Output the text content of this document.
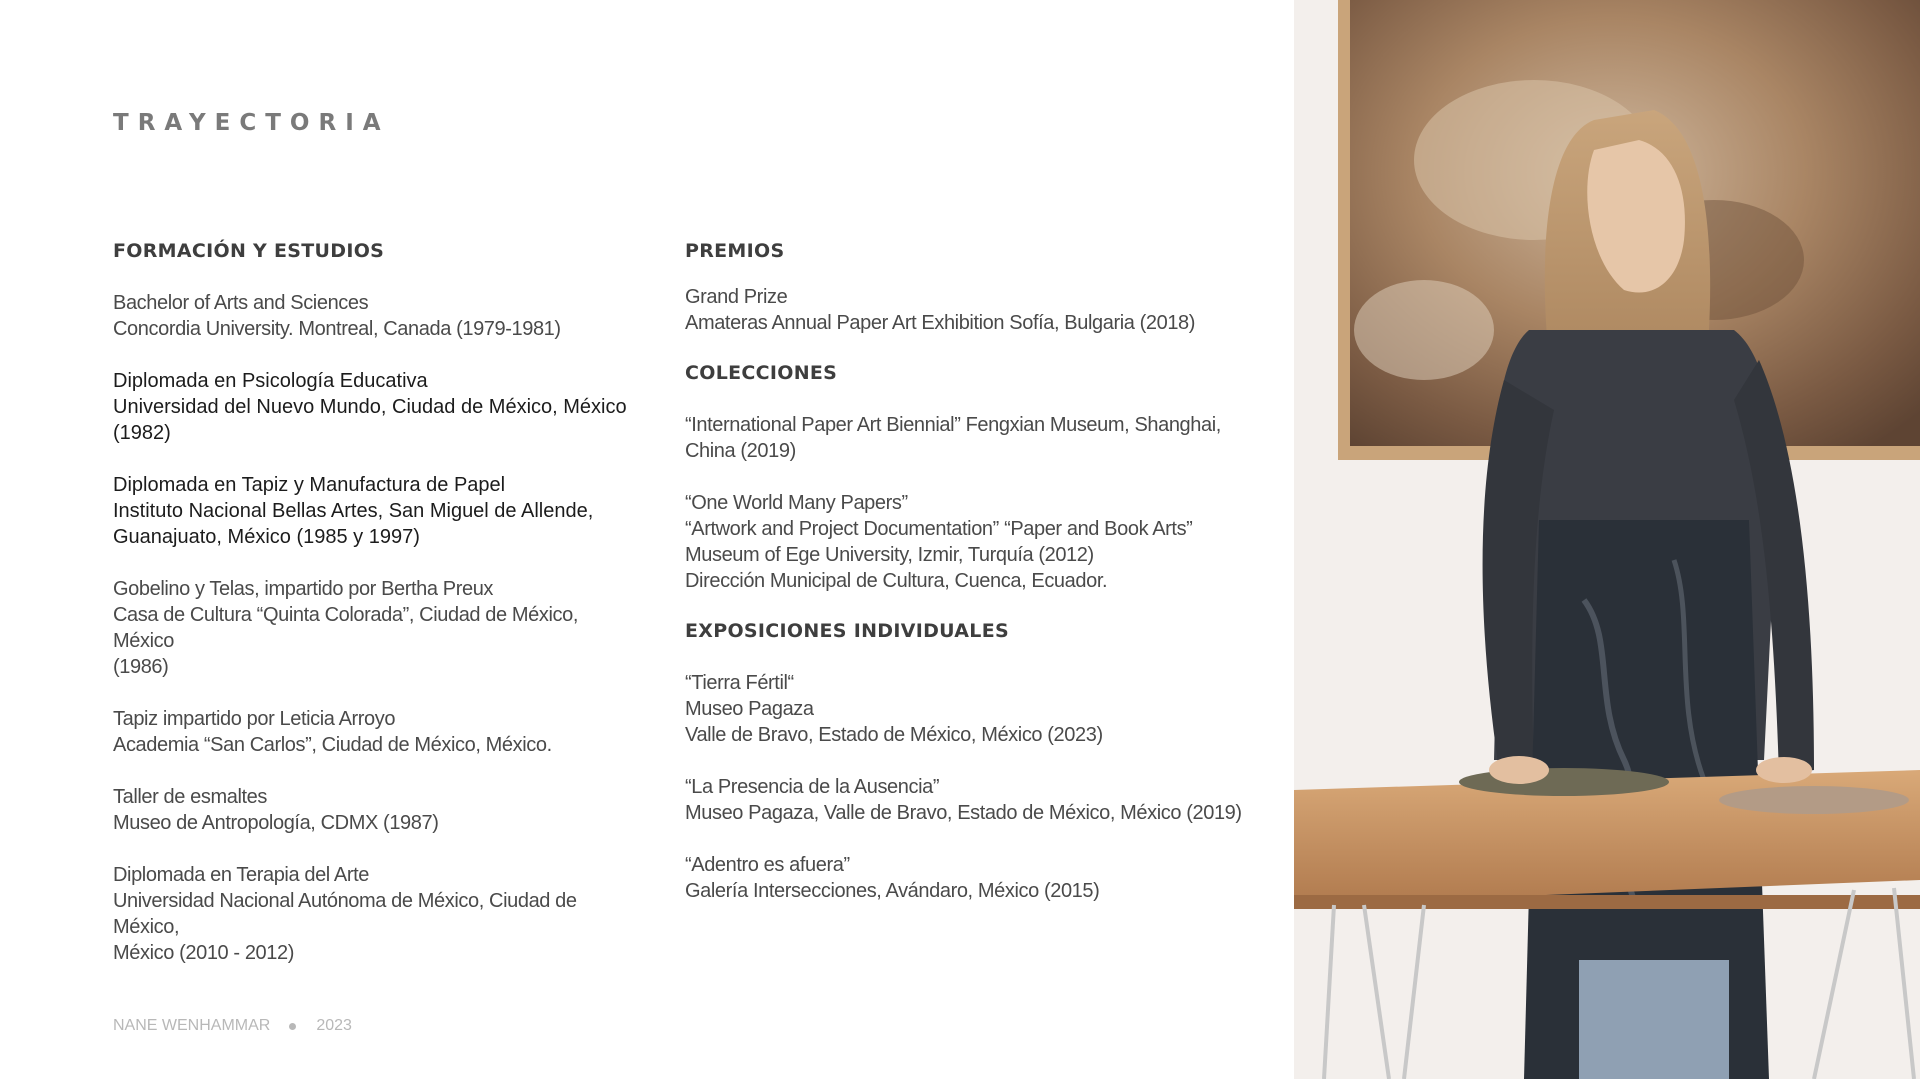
TRAYECTORIA
FORMACIÓN Y ESTUDIOS
Bachelor of Arts and Sciences
Concordia University. Montreal, Canada (1979-1981)
Diplomada en Psicología Educativa
Universidad del Nuevo Mundo, Ciudad de México, México
(1982)
Diplomada en Tapiz y Manufactura de Papel
Instituto Nacional Bellas Artes, San Miguel de Allende,
Guanajuato, México (1985 y 1997)
Gobelino y Telas, impartido por Bertha Preux
Casa de Cultura “Quinta Colorada”, Ciudad de México, México
(1986)
Tapiz impartido por Leticia Arroyo
Academia “San Carlos”, Ciudad de México, México.
Taller de esmaltes
Museo de Antropología, CDMX (1987)
Diplomada en Terapia del Arte
Universidad Nacional Autónoma de México, Ciudad de México,
México (2010 - 2012)
PREMIOS
Grand Prize
Amateras Annual Paper Art Exhibition Sofía, Bulgaria (2018)
COLECCIONES
“International Paper Art Biennial” Fengxian Museum, Shanghai,
China (2019)
“One World Many Papers”
“Artwork and Project Documentation” “Paper and Book Arts”
Museum of Ege University, Izmir, Turquía (2012)
Dirección Municipal de Cultura, Cuenca, Ecuador.
EXPOSICIONES INDIVIDUALES
“Tierra Fértil“
Museo Pagaza
Valle de Bravo, Estado de México, México (2023)
“La Presencia de la Ausencia”
Museo Pagaza, Valle de Bravo, Estado de México, México (2019)
“Adentro es afuera”
Galería Intersecciones, Avándaro, México (2015)
NANE WENHAMMAR	2023
